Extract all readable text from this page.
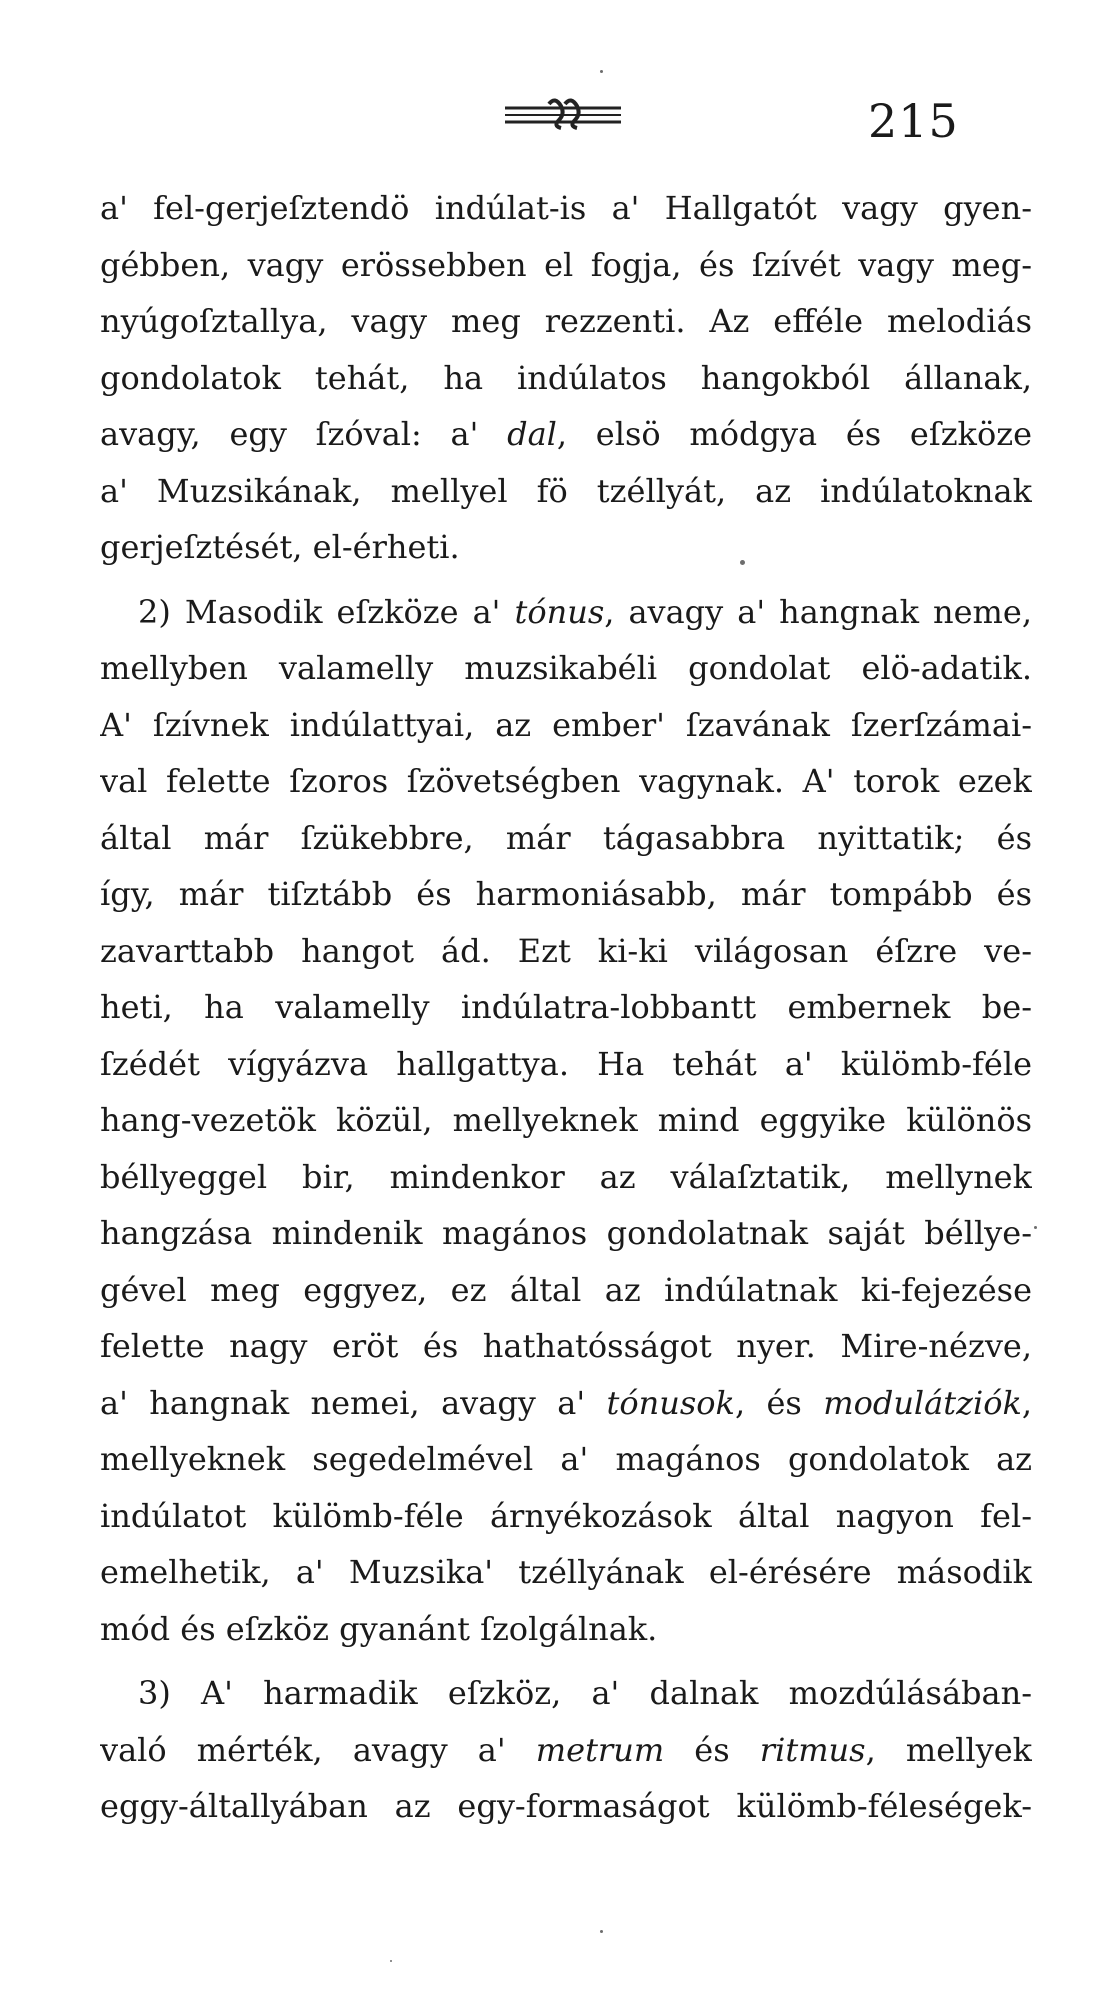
215
a' fel-gerjeſztendö indúlat-is a' Hallgatót vagy gyen-
gébben, vagy erössebben el fogja, és ſzívét vagy meg-
nyúgoſztallya, vagy meg rezzenti. Az efféle melodiás
gondolatok tehát, ha indúlatos hangokból állanak,
avagy, egy ſzóval: a' dal, elsö módgya és eſzköze
a' Muzsikának, mellyel fö tzéllyát, az indúlatoknak
gerjeſztését, el-érheti.
2) Masodik eſzköze a' tónus, avagy a' hangnak neme,
mellyben valamelly muzsikabéli gondolat elö-adatik.
A' ſzívnek indúlattyai, az ember' ſzavának ſzerſzámai-
val felette ſzoros ſzövetségben vagynak. A' torok ezek
által már ſzükebbre, már tágasabbra nyittatik; és
így, már tiſztább és harmoniásabb, már tompább és
zavarttabb hangot ád. Ezt ki-ki világosan éſzre ve-
heti, ha valamelly indúlatra-lobbantt embernek be-
ſzédét vígyázva hallgattya. Ha tehát a' külömb-féle
hang-vezetök közül, mellyeknek mind eggyike különös
béllyeggel bir, mindenkor az válaſztatik, mellynek
hangzása mindenik magános gondolatnak saját béllye-
gével meg eggyez, ez által az indúlatnak ki-fejezése
felette nagy eröt és hathatósságot nyer. Mire-nézve,
a' hangnak nemei, avagy a' tónusok, és modulátziók,
mellyeknek segedelmével a' magános gondolatok az
indúlatot külömb-féle árnyékozások által nagyon fel-
emelhetik, a' Muzsika' tzéllyának el-érésére második
mód és eſzköz gyanánt ſzolgálnak.
3) A' harmadik eſzköz, a' dalnak mozdúlásában-
való mérték, avagy a' metrum és ritmus, mellyek
eggy-általlyában az egy-formaságot külömb-féleségek-
